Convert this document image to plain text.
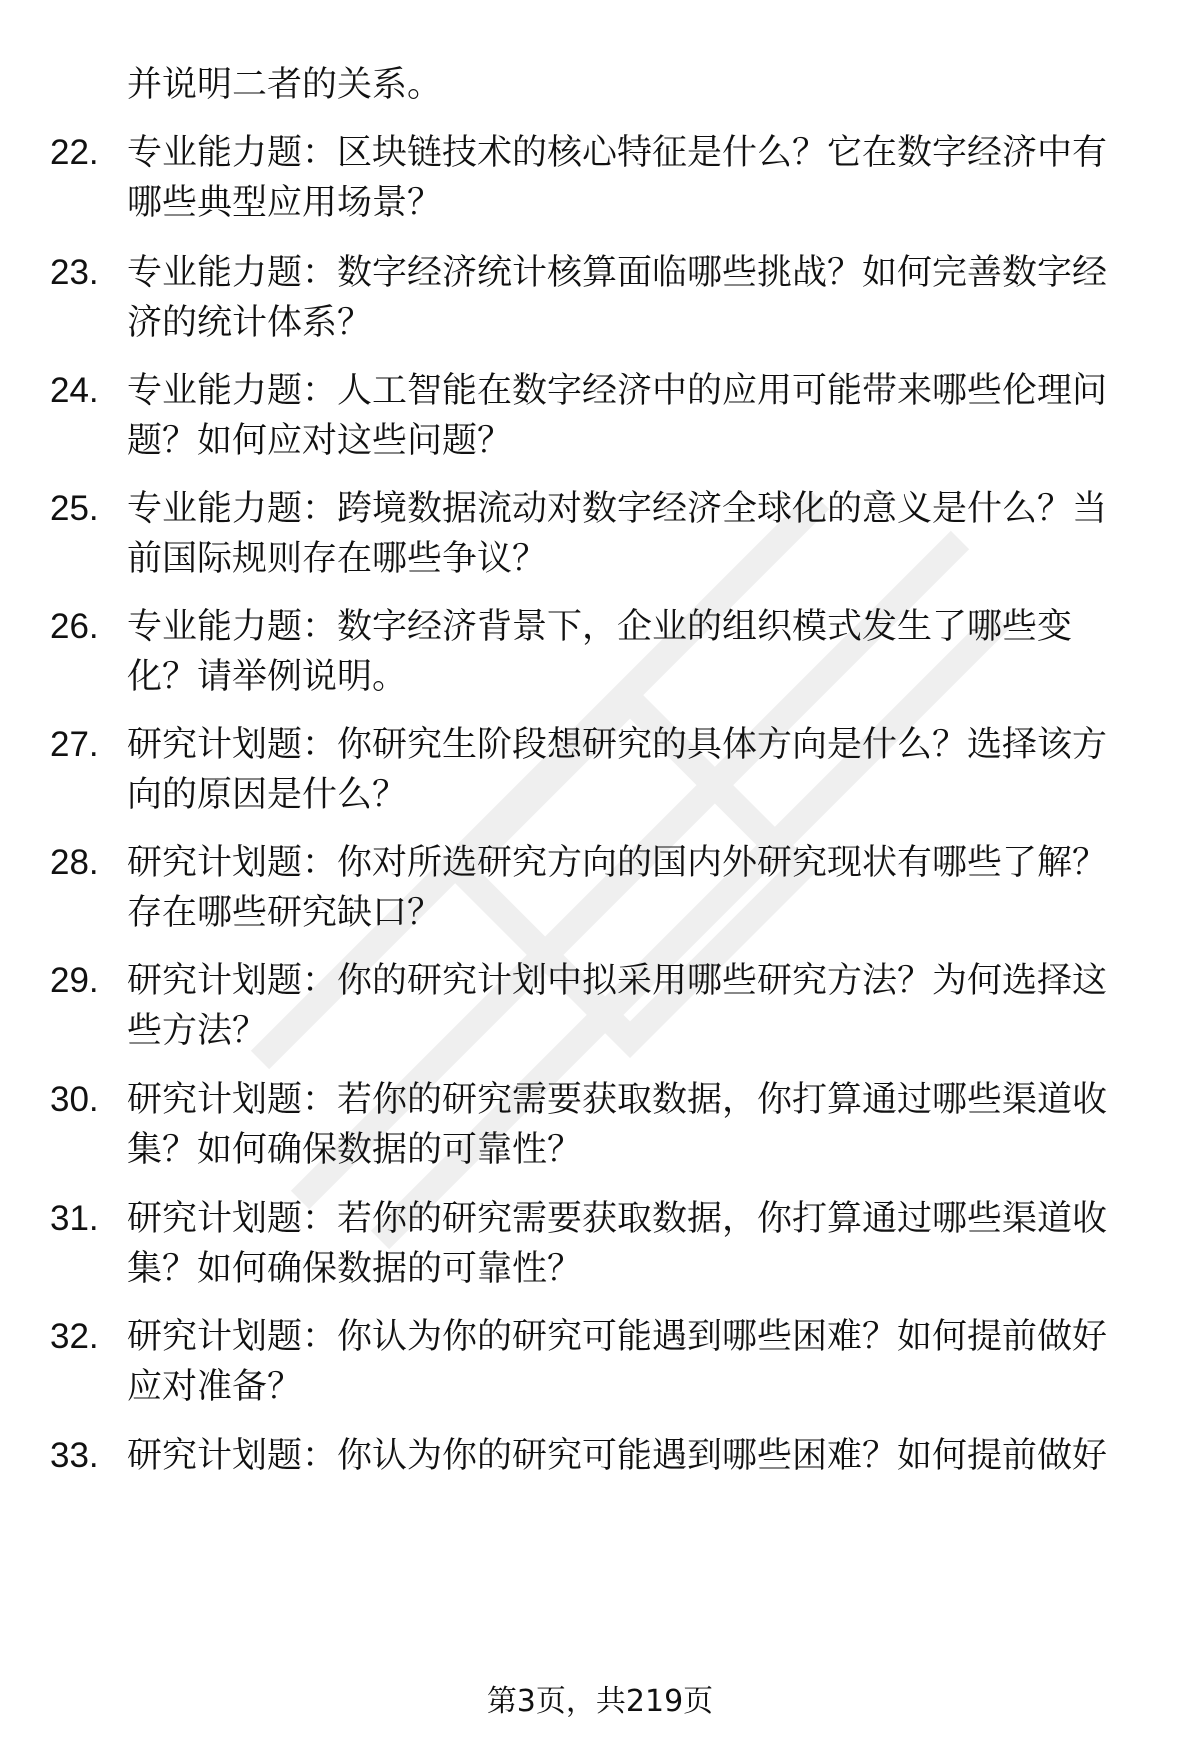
并说明二者的关系。
22. 专业能力题：区块链技术的核心特征是什么？它在数字经济中有
哪些典型应用场景？
23. 专业能力题：数字经济统计核算面临哪些挑战？如何完善数字经
济的统计体系？
24. 专业能力题：人工智能在数字经济中的应用可能带来哪些伦理问
题？如何应对这些问题？
25. 专业能力题：跨境数据流动对数字经济全球化的意义是什么？当
前国际规则存在哪些争议？
26. 专业能力题：数字经济背景下，企业的组织模式发生了哪些变
化？请举例说明。
27. 研究计划题：你研究生阶段想研究的具体方向是什么？选择该方
向的原因是什么？
28. 研究计划题：你对所选研究方向的国内外研究现状有哪些了解？
存在哪些研究缺口？
29. 研究计划题：你的研究计划中拟采用哪些研究方法？为何选择这
些方法？
30. 研究计划题：若你的研究需要获取数据，你打算通过哪些渠道收
集？如何确保数据的可靠性？
31. 研究计划题：若你的研究需要获取数据，你打算通过哪些渠道收
集？如何确保数据的可靠性？
32. 研究计划题：你认为你的研究可能遇到哪些困难？如何提前做好
应对准备？
33. 研究计划题：你认为你的研究可能遇到哪些困难？如何提前做好
第3页，共219页
